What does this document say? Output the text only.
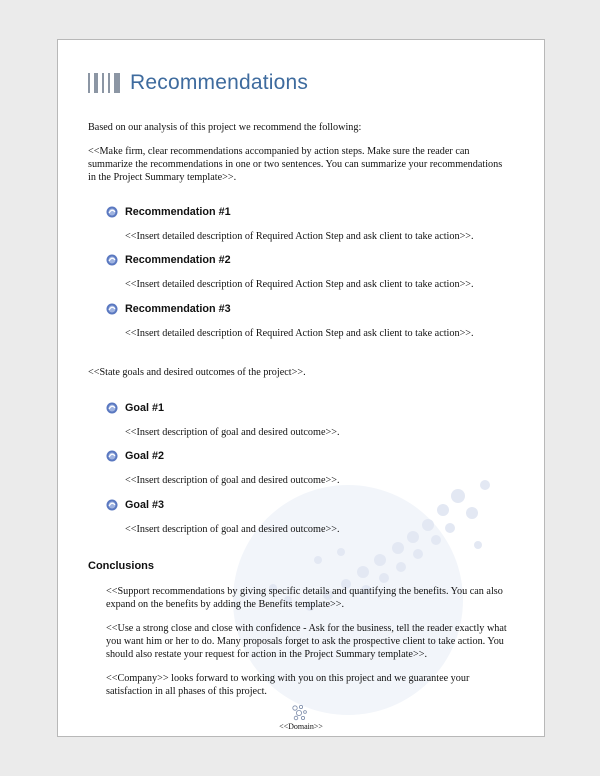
Recommendations

Based on our analysis of this project we recommend the following:

<<Make firm, clear recommendations accompanied by action steps. Make sure the reader can summarize the recommendations in one or two sentences. You can summarize your recommendations in the Project Summary template>>.

Recommendation #1
<<Insert detailed description of Required Action Step and ask client to take action>>.
Recommendation #2
<<Insert detailed description of Required Action Step and ask client to take action>>.
Recommendation #3
<<Insert detailed description of Required Action Step and ask client to take action>>.

<<State goals and desired outcomes of the project>>.

Goal #1
<<Insert description of goal and desired outcome>>.
Goal #2
<<Insert description of goal and desired outcome>>.
Goal #3
<<Insert description of goal and desired outcome>>.
Conclusions

<<Support recommendations by giving specific details and quantifying the benefits. You can also expand on the benefits by adding the Benefits template>>.

<<Use a strong close and close with confidence - Ask for the business, tell the reader exactly what you want him or her to do. Many proposals forget to ask the prospective client to take action. You should also restate your request for action in the Project Summary template>>.

<<Company>> looks forward to working with you on this project and we guarantee your satisfaction in all phases of this project.

<<Domain>>
